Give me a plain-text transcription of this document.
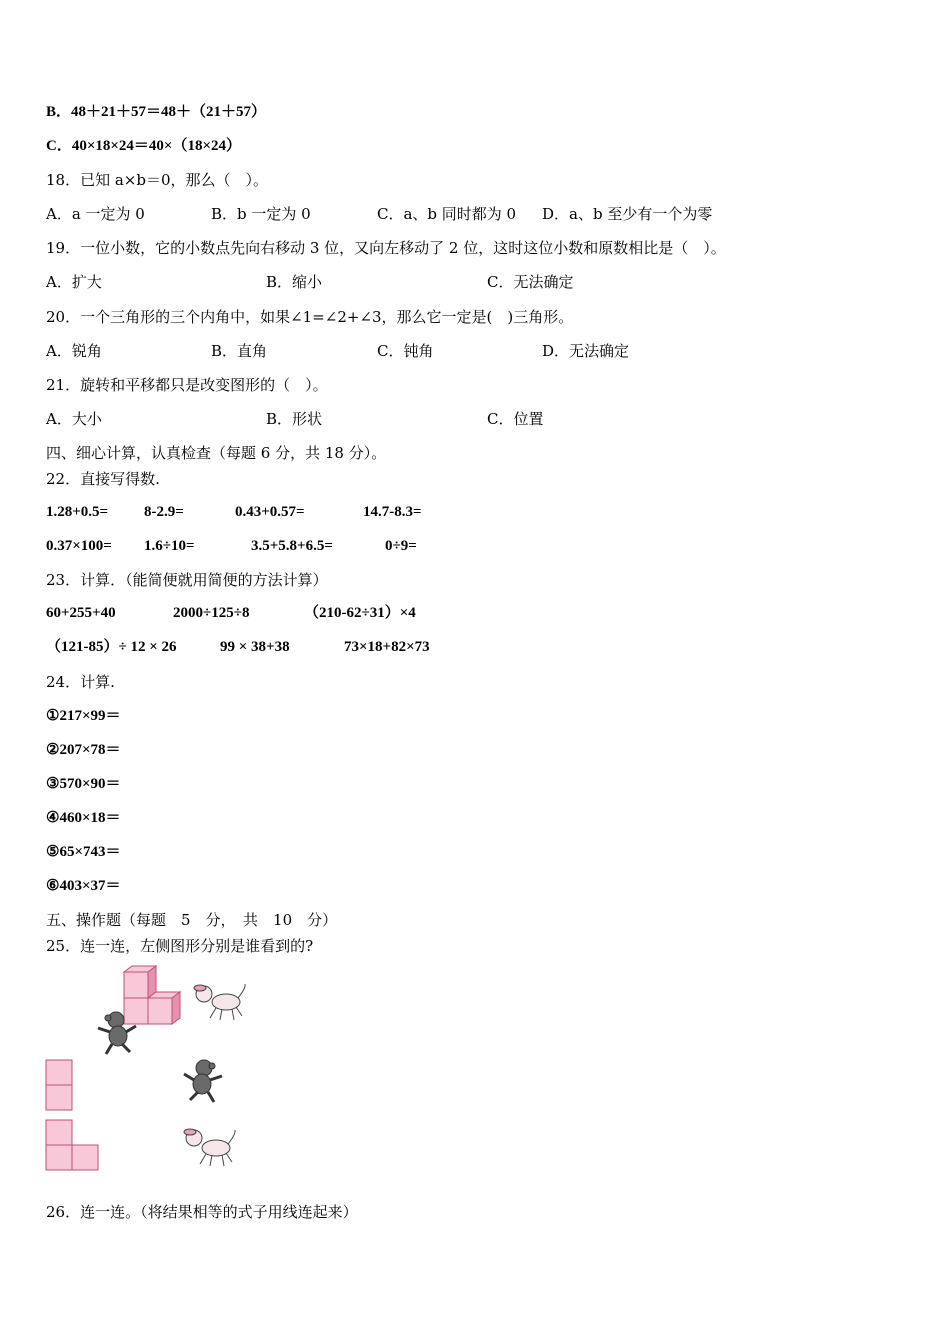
B．48＋21＋57＝48＋（21＋57）
C．40×18×24＝40×（18×24）
18．已知 a×b＝0，那么（　）。
A．a 一定为 0	B．b 一定为 0	C．a、b 同时都为 0 D．a、b 至少有一个为零
19．一位小数，它的小数点先向右移动 3 位，又向左移动了 2 位，这时这位小数和原数相比是（　）。
A．扩大	B．缩小	C．无法确定
20．一个三角形的三个内角中，如果∠1=∠2+∠3，那么它一定是(　)三角形。
A．锐角	B．直角	C．钝角	D．无法确定
21．旋转和平移都只是改变图形的（　）。
A．大小	B．形状	C．位置
四、细心计算，认真检查（每题 6 分，共 18 分）。
22．直接写得数.
1.28+0.5= 8-2.9=	0.43+0.57=	14.7-8.3=
0.37×100= 1.6÷10=	3.5+5.8+6.5=	0÷9=
23．计算．（能简便就用简便的方法计算）
60+255+40	2000÷125÷8	（210-62÷31）×4
（121-85）÷ 12 × 26	99 × 38+38	73×18+82×73
24．计算.
①217×99＝
②207×78＝
③570×90＝
④460×18＝
⑤65×743＝
⑥403×37＝
五、操作题（每题　5　分，　共　10　分）
25．连一连，左侧图形分别是谁看到的?
26．连一连。（将结果相等的式子用线连起来）
